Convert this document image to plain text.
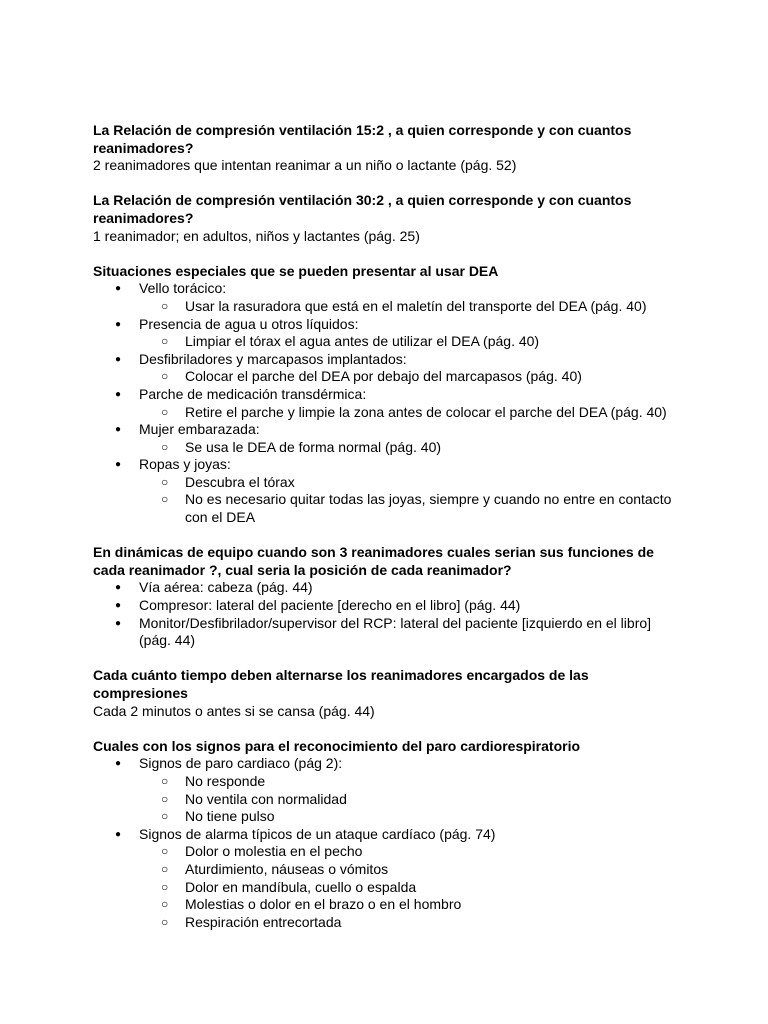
La Relación de compresión ventilación 15:2 , a quien corresponde y con cuantos reanimadores?

2 reanimadores que intentan reanimar a un niño o lactante (pág. 52)

La Relación de compresión ventilación 30:2 , a quien corresponde y con cuantos reanimadores?

1 reanimador; en adultos, niños y lactantes (pág. 25)

Situaciones especiales que se pueden presentar al usar DEA

● Vello torácico:
○ Usar la rasuradora que está en el maletín del transporte del DEA (pág. 40)
● Presencia de agua u otros líquidos:
○ Limpiar el tórax el agua antes de utilizar el DEA (pág. 40)
● Desfibriladores y marcapasos implantados:
○ Colocar el parche del DEA por debajo del marcapasos (pág. 40)
● Parche de medicación transdérmica:
○ Retire el parche y limpie la zona antes de colocar el parche del DEA (pág. 40)
● Mujer embarazada:
○ Se usa le DEA de forma normal (pág. 40)
● Ropas y joyas:
○ Descubra el tórax
○ No es necesario quitar todas las joyas, siempre y cuando no entre en contacto con el DEA

En dinámicas de equipo cuando son 3 reanimadores cuales serian sus funciones de cada reanimador ?, cual seria la posición de cada reanimador?

● Vía aérea: cabeza (pág. 44)
● Compresor: lateral del paciente [derecho en el libro] (pág. 44)
● Monitor/Desfibrilador/supervisor del RCP: lateral del paciente [izquierdo en el libro] (pág. 44)

Cada cuánto tiempo deben alternarse los reanimadores encargados de las compresiones

Cada 2 minutos o antes si se cansa (pág. 44)

Cuales con los signos para el reconocimiento del paro cardiorespiratorio

● Signos de paro cardiaco (pág 2):
○ No responde
○ No ventila con normalidad
○ No tiene pulso
● Signos de alarma típicos de un ataque cardíaco (pág. 74)
○ Dolor o molestia en el pecho
○ Aturdimiento, náuseas o vómitos
○ Dolor en mandíbula, cuello o espalda
○ Molestias o dolor en el brazo o en el hombro
○ Respiración entrecortada
